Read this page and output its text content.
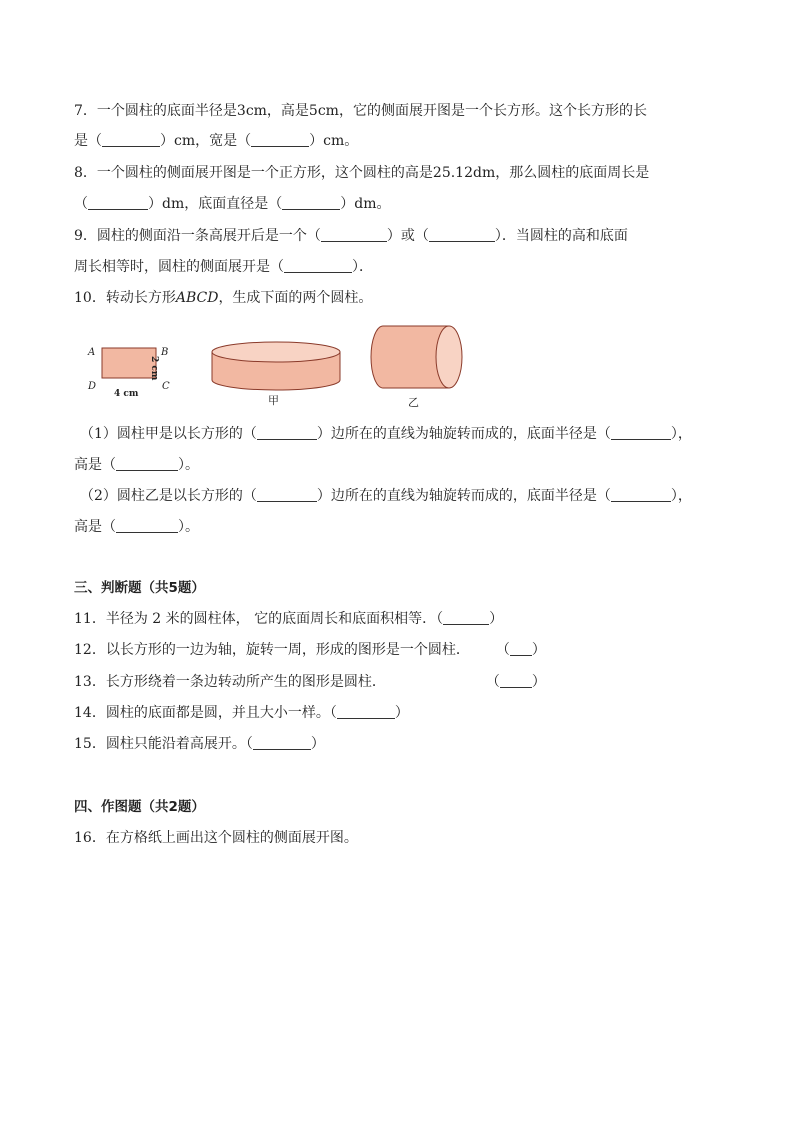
7．一个圆柱的底面半径是3cm，高是5cm，它的侧面展开图是一个长方形。这个长方形的长
是（	）cm，宽是（	）cm。
8．一个圆柱的侧面展开图是一个正方形，这个圆柱的高是25.12dm，那么圆柱的底面周长是
（	）dm，底面直径是（	）dm。
9．圆柱的侧面沿一条高展开后是一个（	）或（	）．当圆柱的高和底面
周长相等时，圆柱的侧面展开是（	）．
10．转动长方形ABCD，生成下面的两个圆柱。
A	B
C
D
4 cm
2 cm
甲	乙
（1）圆柱甲是以长方形的（	）边所在的直线为轴旋转而成的，底面半径是（	），
高是（	）。
（2）圆柱乙是以长方形的（	）边所在的直线为轴旋转而成的，底面半径是（	），
高是（	）。
三、判断题（共5题）
11．半径为 2 米的圆柱体， 它的底面周长和底面积相等．（	）
12．以长方形的一边为轴，旋转一周，形成的图形是一个圆柱． （ ）
13．长方形绕着一条边转动所产生的图形是圆柱．	（ ）
14．圆柱的底面都是圆，并且大小一样。（	）
15．圆柱只能沿着高展开。（	）
四、作图题（共2题）
16．在方格纸上画出这个圆柱的侧面展开图。
